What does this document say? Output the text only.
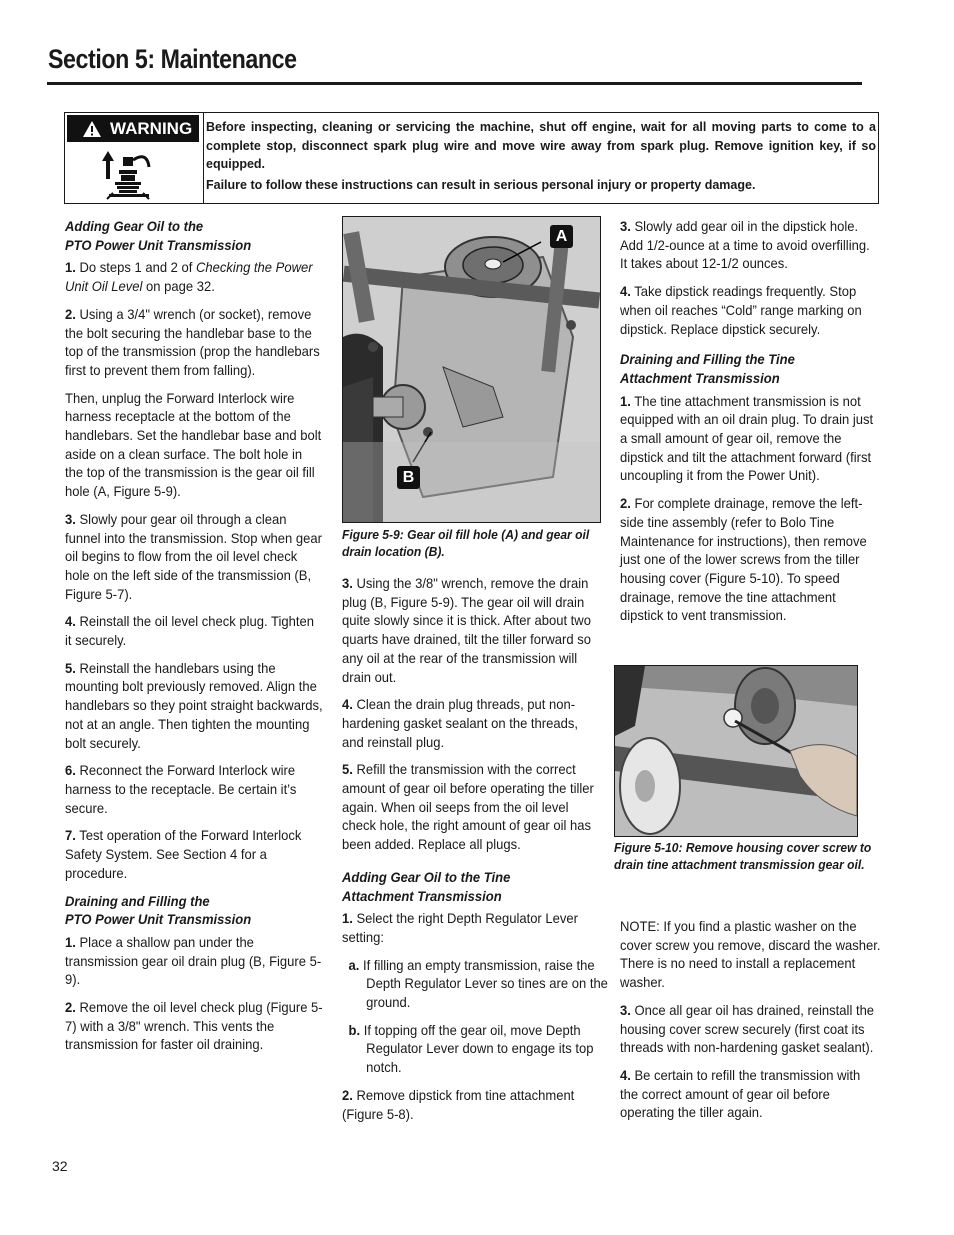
Section 5: Maintenance
WARNING Before inspecting, cleaning or servicing the machine, shut off engine, wait for all moving parts to come to a complete stop, disconnect spark plug wire and move wire away from spark plug. Remove ignition key, if so equipped.

Failure to follow these instructions can result in serious personal injury or property damage.

Adding Gear Oil to the
PTO Power Unit Transmission

1. Do steps 1 and 2 of Checking the Power Unit Oil Level on page 32.

2. Using a 3/4" wrench (or socket), remove the bolt securing the handlebar base to the top of the transmission (prop the handlebars first to prevent them from falling).

Then, unplug the Forward Interlock wire harness receptacle at the bottom of the handlebars. Set the handlebar base and bolt aside on a clean surface. The bolt hole in the top of the transmission is the gear oil fill hole (A, Figure 5-9).

3. Slowly pour gear oil through a clean funnel into the transmission. Stop when gear oil begins to flow from the oil level check hole on the left side of the transmission (B, Figure 5-7).

4. Reinstall the oil level check plug. Tighten it securely.

5. Reinstall the handlebars using the mounting bolt previously removed. Align the handlebars so they point straight backwards, not at an angle. Then tighten the mounting bolt securely.

6. Reconnect the Forward Interlock wire harness to the receptacle. Be certain it’s secure.

7. Test operation of the Forward Interlock Safety System. See Section 4 for a procedure.

Draining and Filling the
PTO Power Unit Transmission

1. Place a shallow pan under the transmission gear oil drain plug (B, Figure 5-9).

2. Remove the oil level check plug (Figure 5-7) with a 3/8" wrench. This vents the transmission for faster oil draining.

A
B

Figure 5-9: Gear oil fill hole (A) and gear oil drain location (B).

3. Using the 3/8" wrench, remove the drain plug (B, Figure 5-9). The gear oil will drain quite slowly since it is thick. After about two quarts have drained, tilt the tiller forward so any oil at the rear of the transmission will drain out.

4. Clean the drain plug threads, put non-hardening gasket sealant on the threads, and reinstall plug.

5. Refill the transmission with the correct amount of gear oil before operating the tiller again. When oil seeps from the oil level check hole, the right amount of gear oil has been added. Replace all plugs.

Adding Gear Oil to the Tine
Attachment Transmission

1. Select the right Depth Regulator Lever setting:

a. If filling an empty transmission, raise the Depth Regulator Lever so tines are on the ground.

b. If topping off the gear oil, move Depth Regulator Lever down to engage its top notch.

2. Remove dipstick from tine attachment (Figure 5-8).

3. Slowly add gear oil in the dipstick hole. Add 1/2-ounce at a time to avoid overfilling. It takes about 12-1/2 ounces.

4. Take dipstick readings frequently. Stop when oil reaches “Cold” range marking on dipstick. Replace dipstick securely.

Draining and Filling the Tine
Attachment Transmission

1. The tine attachment transmission is not equipped with an oil drain plug. To drain just a small amount of gear oil, remove the dipstick and tilt the attachment forward (first uncoupling it from the Power Unit).

2. For complete drainage, remove the left-side tine assembly (refer to Bolo Tine Maintenance for instructions), then remove just one of the lower screws from the tiller housing cover (Figure 5-10). To speed drainage, remove the tine attachment dipstick to vent transmission.

Figure 5-10: Remove housing cover screw to drain tine attachment transmission gear oil.

NOTE: If you find a plastic washer on the cover screw you remove, discard the washer. There is no need to install a replacement washer.

3. Once all gear oil has drained, reinstall the housing cover screw securely (first coat its threads with non-hardening gasket sealant).

4. Be certain to refill the transmission with the correct amount of gear oil before operating the tiller again.

32
